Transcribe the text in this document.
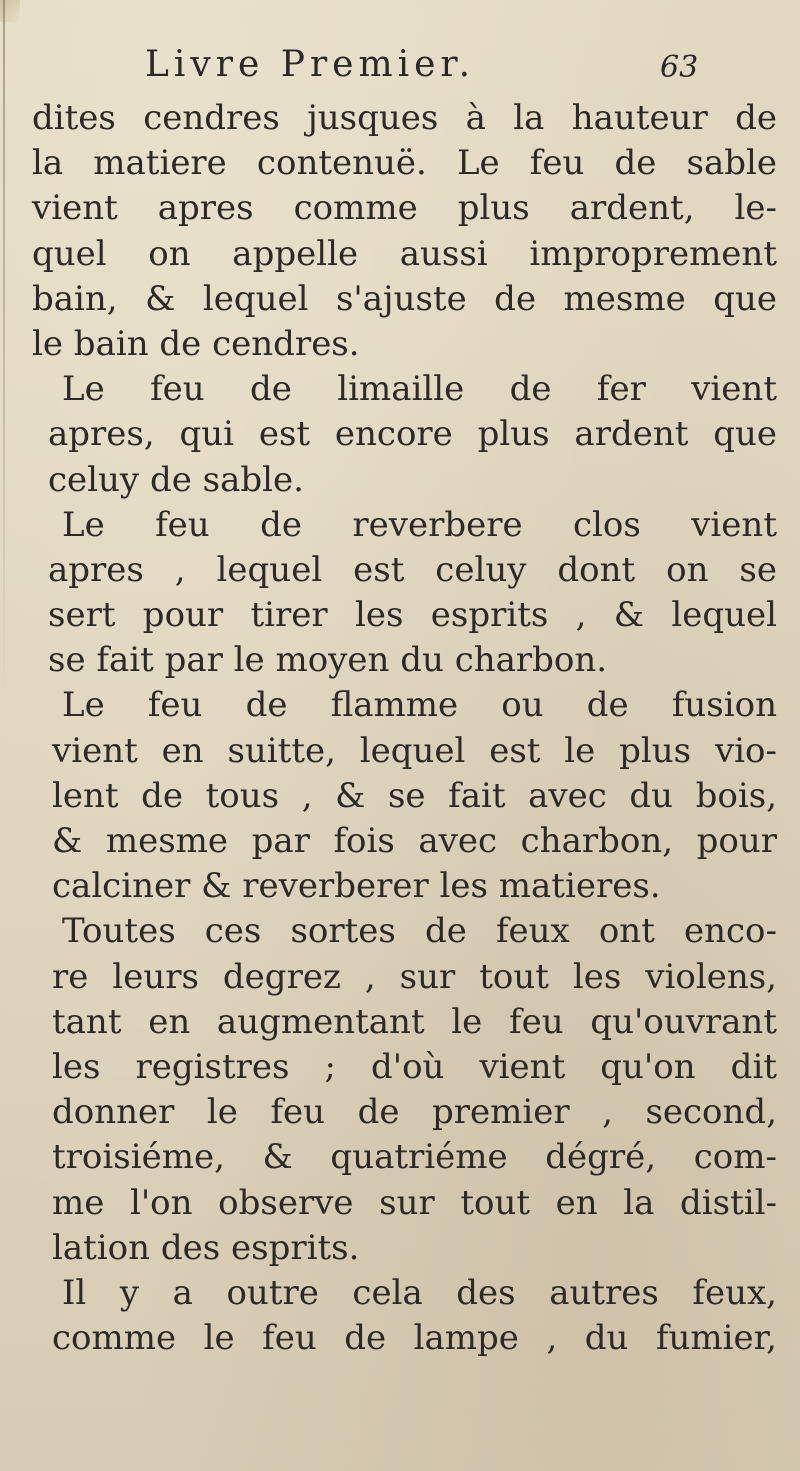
Livre Premier.	63
dites cendres jusques à la hauteur de
la matiere contenuë. Le feu de sable
vient apres comme plus ardent, le-
quel on appelle aussi improprement
bain, & lequel s'ajuste de mesme que
le bain de cendres.
Le feu de limaille de fer vient
apres, qui est encore plus ardent que
celuy de sable.
Le feu de reverbere clos vient
apres , lequel est celuy dont on se
sert pour tirer les esprits , & lequel
se fait par le moyen du charbon.
Le feu de flamme ou de fusion
vient en suitte, lequel est le plus vio-
lent de tous , & se fait avec du bois,
& mesme par fois avec charbon, pour
calciner & reverberer les matieres.
Toutes ces sortes de feux ont enco-
re leurs degrez , sur tout les violens,
tant en augmentant le feu qu'ouvrant
les registres ; d'où vient qu'on dit
donner le feu de premier , second,
troisiéme, & quatriéme dégré, com-
me l'on observe sur tout en la distil-
lation des esprits.
Il y a outre cela des autres feux,
comme le feu de lampe , du fumier,
